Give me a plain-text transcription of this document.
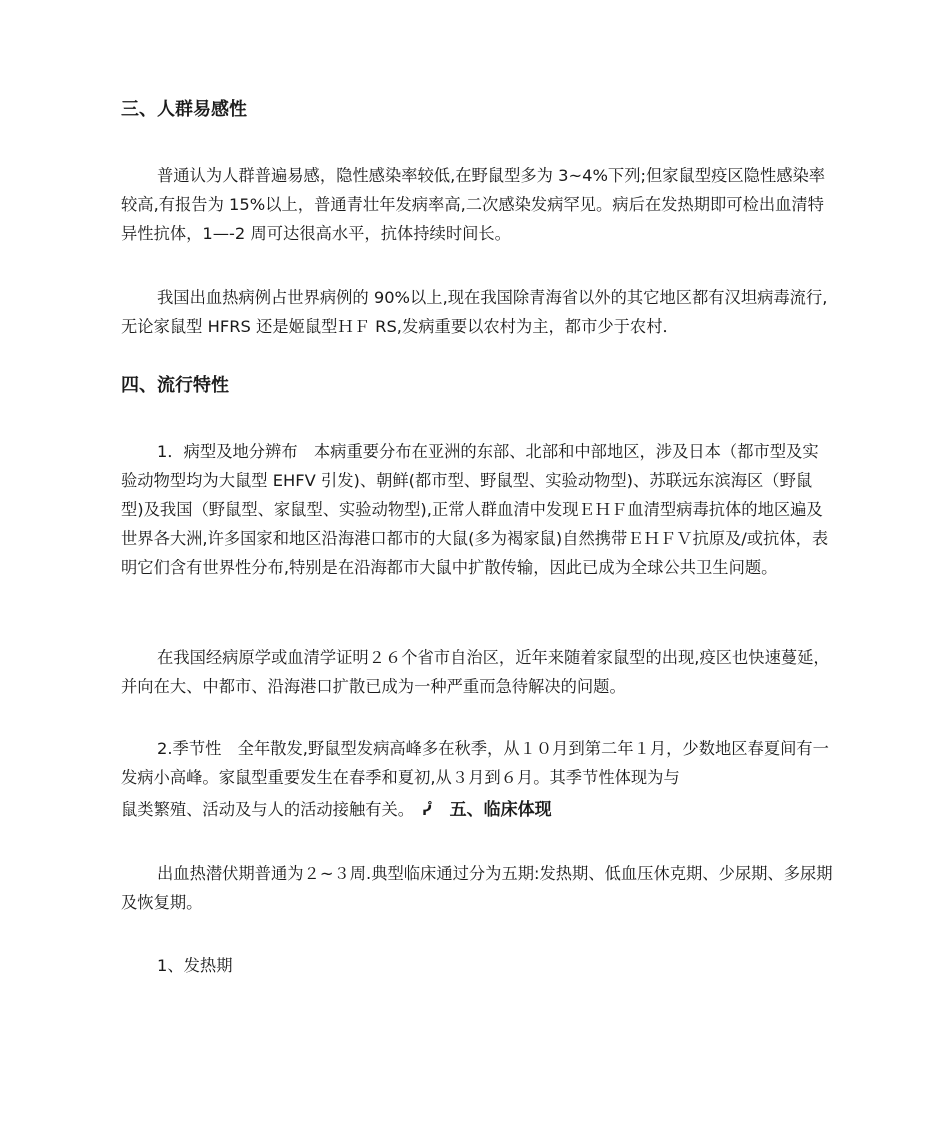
三、人群易感性

普通认为人群普遍易感，隐性感染率较低,在野鼠型多为 3~4%下列;但家鼠型疫区隐性感染率较高,有报告为 15%以上，普通青壮年发病率高,二次感染发病罕见。病后在发热期即可检出血清特异性抗体，1—-2 周可达很高水平，抗体持续时间长。

我国出血热病例占世界病例的 90%以上,现在我国除青海省以外的其它地区都有汉坦病毒流行,无论家鼠型 HFRS 还是姬鼠型ＨＦ RS,发病重要以农村为主，都市少于农村．

四、流行特性

1．病型及地分辨布　本病重要分布在亚洲的东部、北部和中部地区，涉及日本（都市型及实验动物型均为大鼠型 EHFV 引发)、朝鲜(都市型、野鼠型、实验动物型)、苏联远东滨海区（野鼠型)及我国（野鼠型、家鼠型、实验动物型),正常人群血清中发现ＥＨＦ血清型病毒抗体的地区遍及世界各大洲,许多国家和地区沿海港口都市的大鼠(多为褐家鼠)自然携带ＥＨＦＶ抗原及/或抗体，表明它们含有世界性分布,特别是在沿海都市大鼠中扩散传输，因此已成为全球公共卫生问题。

在我国经病原学或血清学证明２６个省市自治区，近年来随着家鼠型的出现,疫区也快速蔓延，并向在大、中都市、沿海港口扩散已成为一种严重而急待解决的问题。

2.季节性　全年散发,野鼠型发病高峰多在秋季，从１０月到第二年１月，少数地区春夏间有一发病小高峰。家鼠型重要发生在春季和夏初,从３月到６月。其季节性体现为与

鼠类繁殖、活动及与人的活动接触有关。 ᓮ 五、临床体现

出血热潜伏期普通为２~３周.典型临床通过分为五期:发热期、低血压休克期、少尿期、多尿期及恢复期。

1、发热期
